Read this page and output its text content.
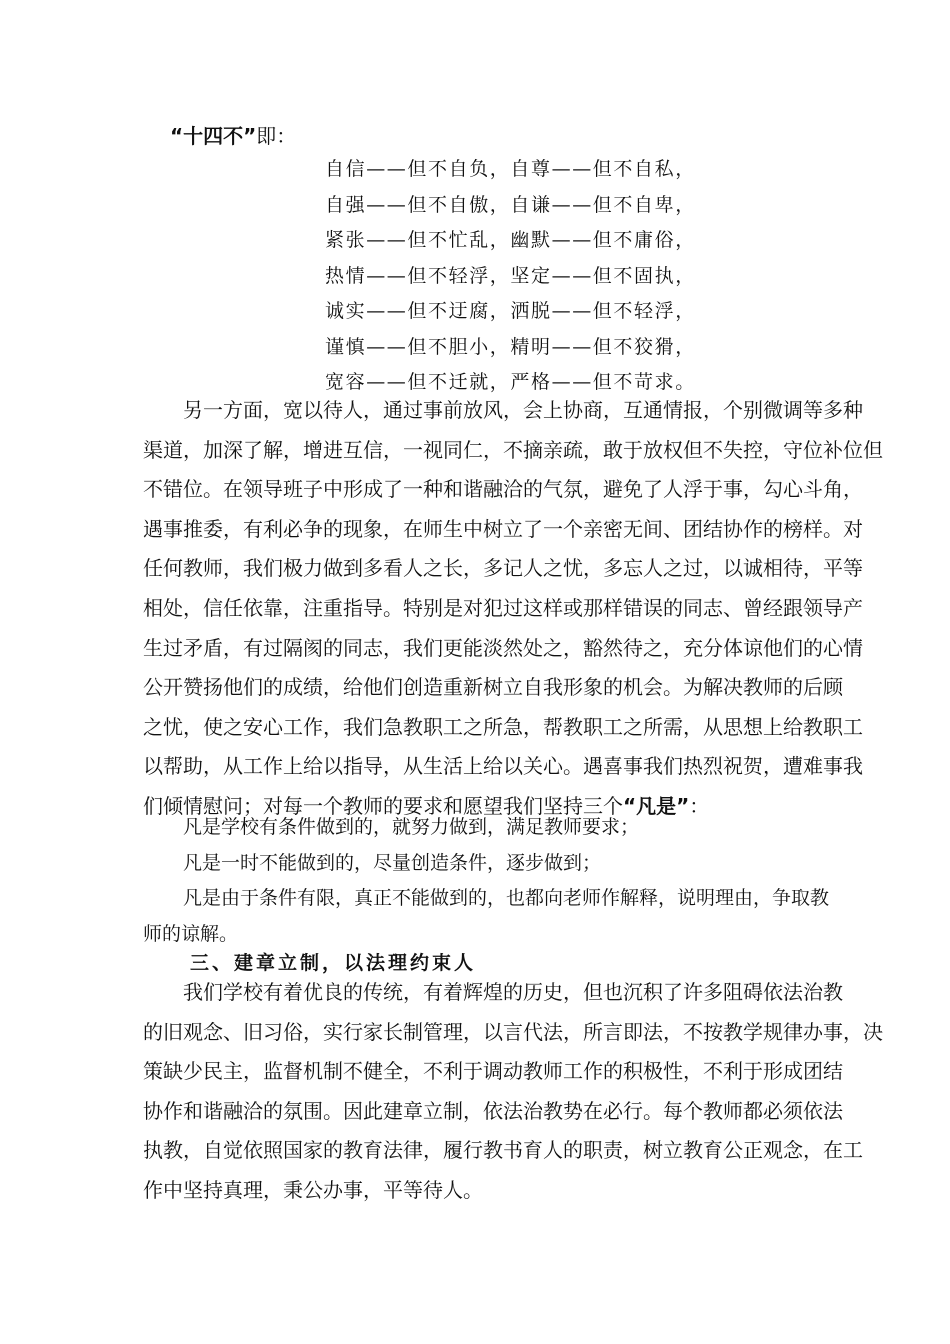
“十四不”即：
自信——但不自负，自尊——但不自私，
自强——但不自傲，自谦——但不自卑，
紧张——但不忙乱，幽默——但不庸俗，
热情——但不轻浮，坚定——但不固执，
诚实——但不迂腐，洒脱——但不轻浮，
谨慎——但不胆小，精明——但不狡猾，
宽容——但不迁就，严格——但不苛求。
另一方面，宽以待人，通过事前放风，会上协商，互通情报，个别微调等多种
渠道，加深了解，增进互信，一视同仁，不摘亲疏，敢于放权但不失控，守位补位但
不错位。在领导班子中形成了一种和谐融洽的气氛，避免了人浮于事，勾心斗角，
遇事推委，有利必争的现象，在师生中树立了一个亲密无间、团结协作的榜样。对
任何教师，我们极力做到多看人之长，多记人之忧，多忘人之过，以诚相待，平等
相处，信任依靠，注重指导。特别是对犯过这样或那样错误的同志、曾经跟领导产
生过矛盾，有过隔阂的同志，我们更能淡然处之，豁然待之，充分体谅他们的心情
公开赞扬他们的成绩，给他们创造重新树立自我形象的机会。为解决教师的后顾
之忧，使之安心工作，我们急教职工之所急，帮教职工之所需，从思想上给教职工
以帮助，从工作上给以指导，从生活上给以关心。遇喜事我们热烈祝贺，遭难事我
们倾情慰问；对每一个教师的要求和愿望我们坚持三个“凡是”：
凡是学校有条件做到的，就努力做到，满足教师要求；
凡是一时不能做到的，尽量创造条件，逐步做到；
凡是由于条件有限，真正不能做到的，也都向老师作解释，说明理由，争取教
师的谅解。
三、建章立制，以法理约束人
我们学校有着优良的传统，有着辉煌的历史，但也沉积了许多阻碍依法治教
的旧观念、旧习俗，实行家长制管理，以言代法，所言即法，不按教学规律办事，决
策缺少民主，监督机制不健全，不利于调动教师工作的积极性，不利于形成团结
协作和谐融洽的氛围。因此建章立制，依法治教势在必行。每个教师都必须依法
执教，自觉依照国家的教育法律，履行教书育人的职责，树立教育公正观念，在工
作中坚持真理，秉公办事，平等待人。
